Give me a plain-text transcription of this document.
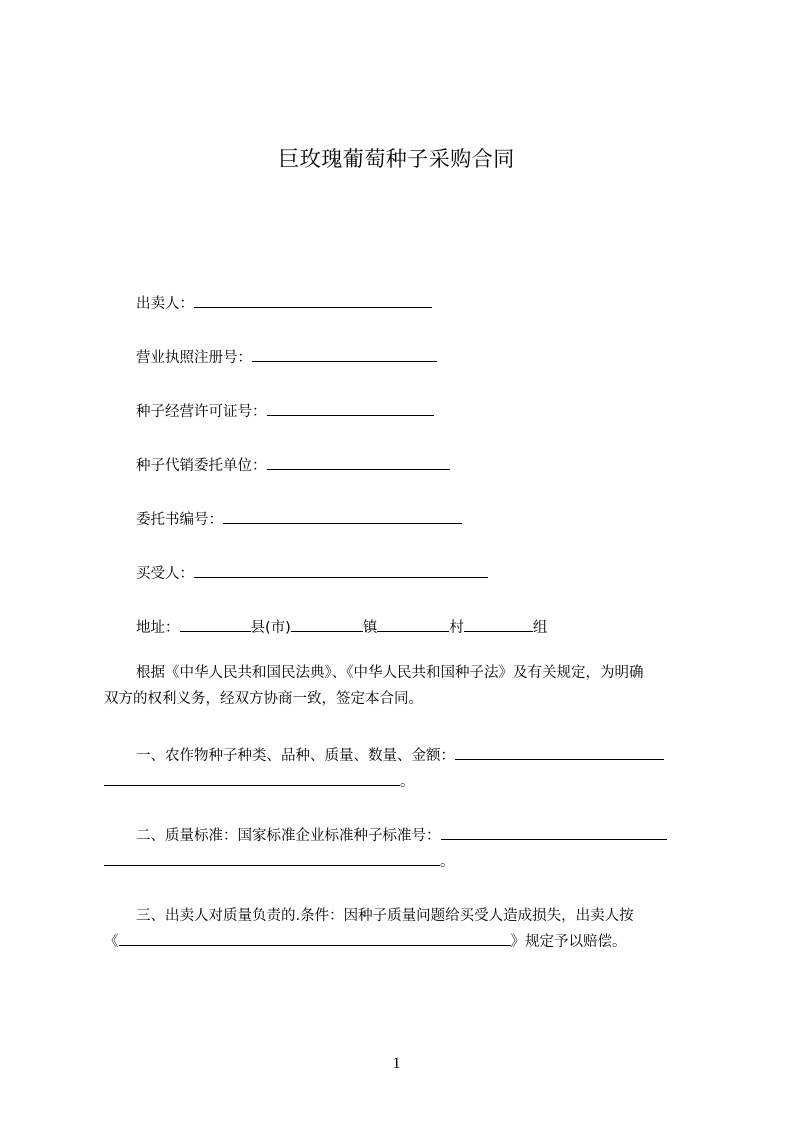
巨玫瑰葡萄种子采购合同
出卖人：
营业执照注册号：
种子经营许可证号：
种子代销委托单位：
委托书编号：
买受人：
地址：	县(市)	镇	村	组
根据《中华人民共和国民法典》、《中华人民共和国种子法》及有关规定，为明确
双方的权利义务，经双方协商一致，签定本合同。
一、农作物种子种类、品种、质量、数量、金额：
。
二、质量标准：国家标准企业标准种子标准号：
。
三、出卖人对质量负责的.条件：因种子质量问题给买受人造成损失，出卖人按
《	》规定予以赔偿。
1
